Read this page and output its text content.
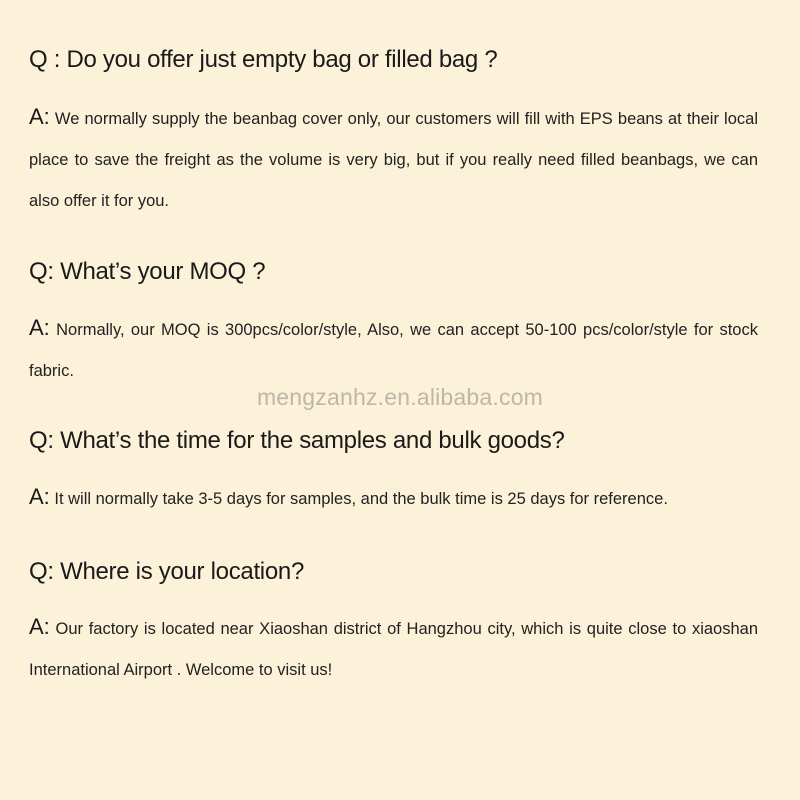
Q : Do you offer just empty bag or filled bag ?

A: We normally supply the beanbag cover only, our customers will fill with EPS beans at their local place to save the freight as the volume is very big, but if you really need filled beanbags, we can also offer it for you.

Q: What’s your MOQ ?

A: Normally, our MOQ is 300pcs/color/style, Also, we can accept 50-100 pcs/color/style for stock fabric.

mengzanhz.en.alibaba.com
Q: What’s the time for the samples and bulk goods?

A: It will normally take 3-5 days for samples, and the bulk time is 25 days for reference.

Q: Where is your location?

A: Our factory is located near Xiaoshan district of Hangzhou city, which is quite close to xiaoshan International Airport . Welcome to visit us!
